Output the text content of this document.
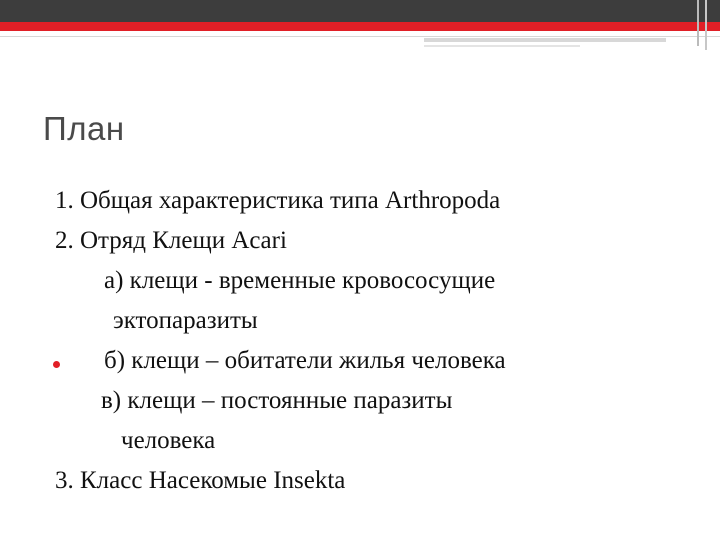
План
1. Общая характеристика типа Arthropoda
2. Отряд Клещи Acari
а) клещи - временные кровососущие
эктопаразиты
б) клещи – обитатели жилья человека
в) клещи – постоянные паразиты
человека
3. Класс Насекомые Insekta
